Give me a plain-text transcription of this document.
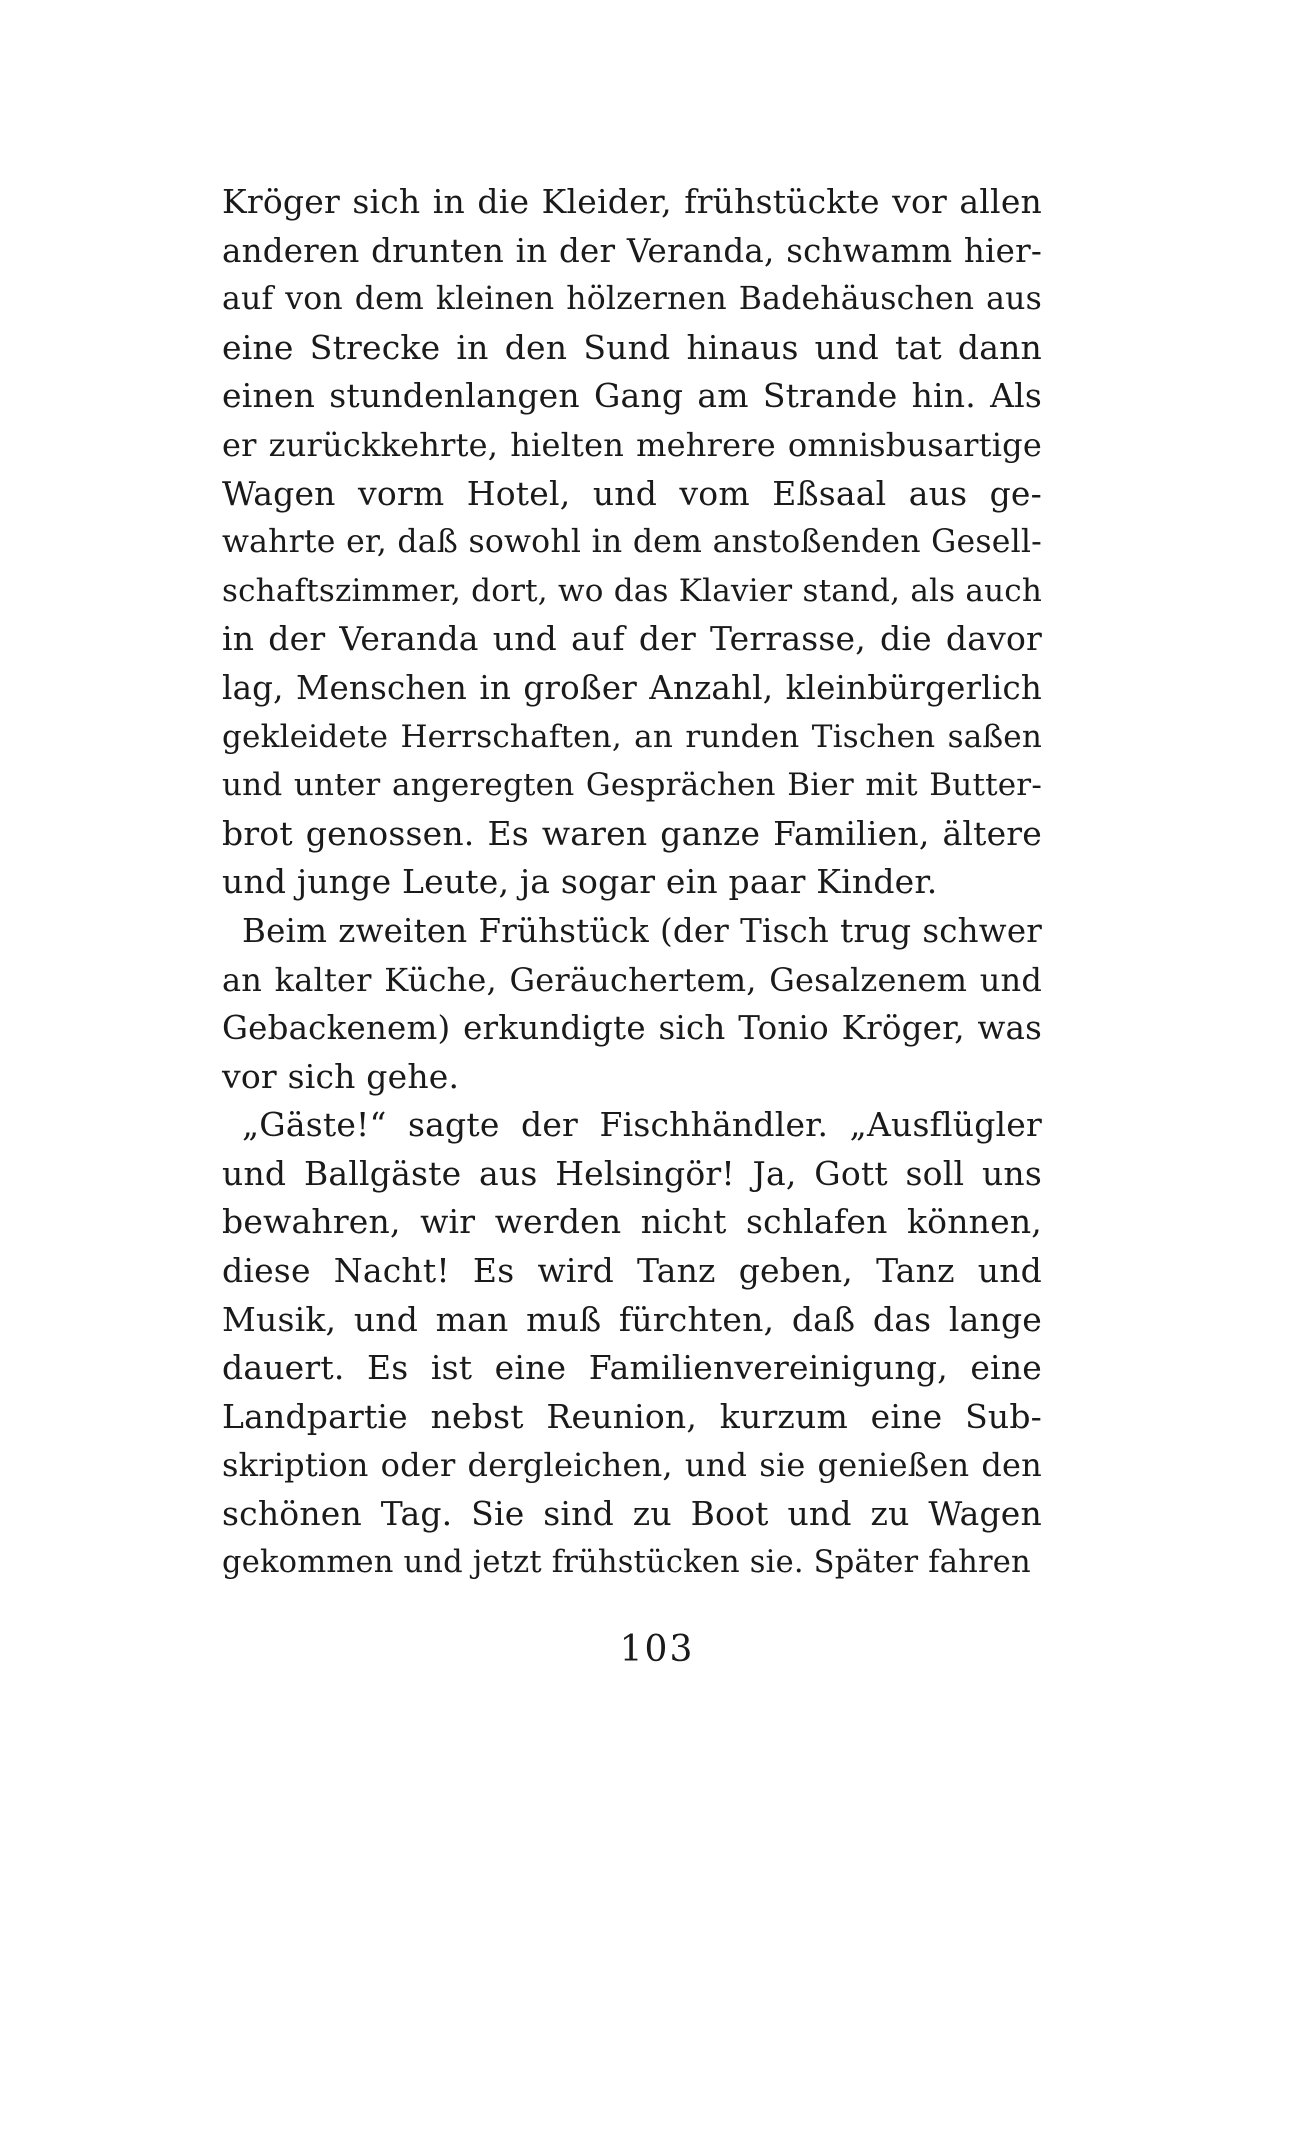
Kröger sich in die Kleider, frühstückte vor allen
anderen drunten in der Veranda, schwamm hier-
auf von dem kleinen hölzernen Badehäuschen aus
eine Strecke in den Sund hinaus und tat dann
einen stundenlangen Gang am Strande hin. Als
er zurückkehrte, hielten mehrere omnisbusartige
Wagen vorm Hotel, und vom Eßsaal aus ge-
wahrte er, daß sowohl in dem anstoßenden Gesell-
schaftszimmer, dort, wo das Klavier stand, als auch
in der Veranda und auf der Terrasse, die davor
lag, Menschen in großer Anzahl, kleinbürgerlich
gekleidete Herrschaften, an runden Tischen saßen
und unter angeregten Gesprächen Bier mit Butter-
brot genossen. Es waren ganze Familien, ältere
und junge Leute, ja sogar ein paar Kinder.
Beim zweiten Frühstück (der Tisch trug schwer
an kalter Küche, Geräuchertem, Gesalzenem und
Gebackenem) erkundigte sich Tonio Kröger, was
vor sich gehe.
„Gäste!“ sagte der Fischhändler. „Ausflügler
und Ballgäste aus Helsingör! Ja, Gott soll uns
bewahren, wir werden nicht schlafen können,
diese Nacht! Es wird Tanz geben, Tanz und
Musik, und man muß fürchten, daß das lange
dauert. Es ist eine Familienvereinigung, eine
Landpartie nebst Reunion, kurzum eine Sub-
skription oder dergleichen, und sie genießen den
schönen Tag. Sie sind zu Boot und zu Wagen
gekommen und jetzt frühstücken sie. Später fahren
103
